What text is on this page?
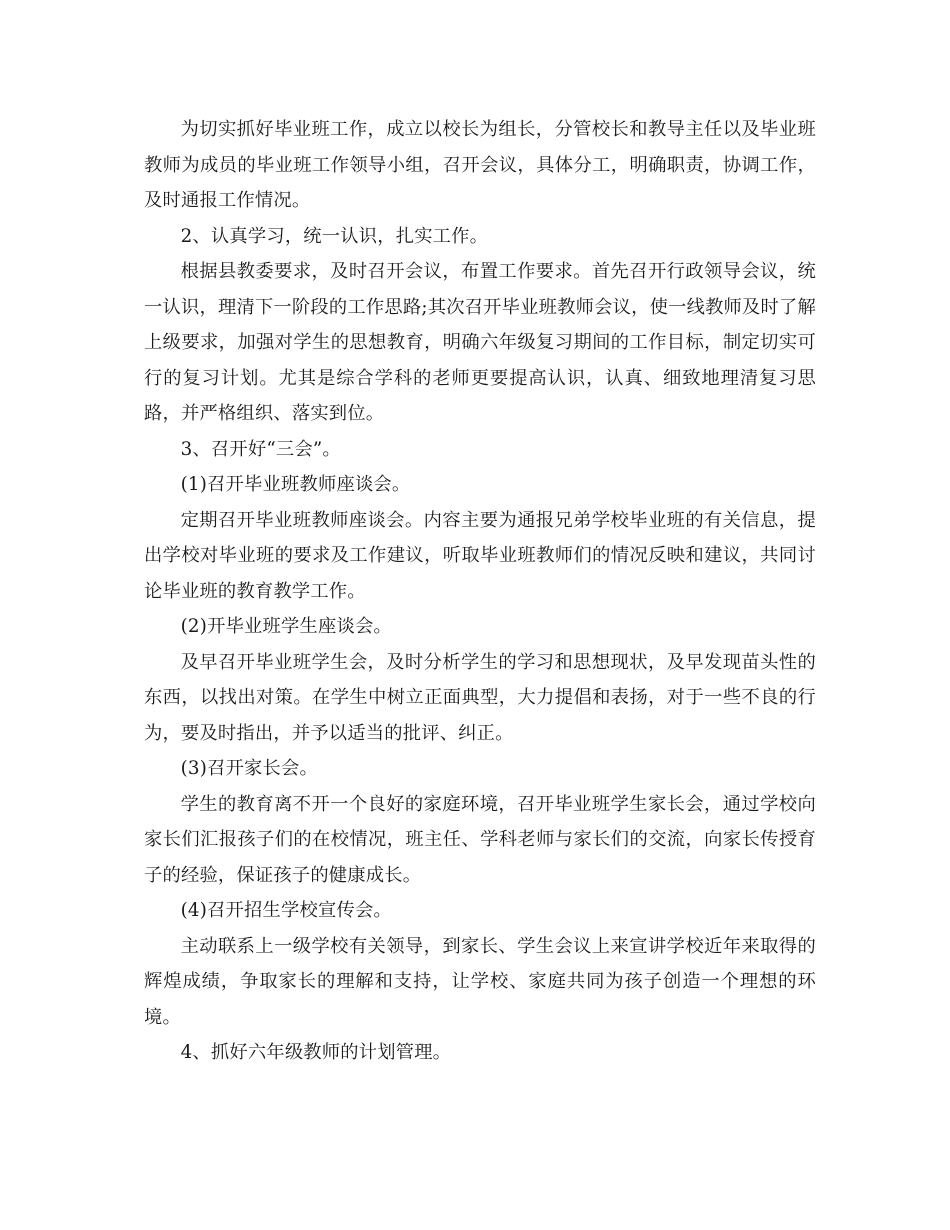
为切实抓好毕业班工作，成立以校长为组长，分管校长和教导主任以及毕业班教师为成员的毕业班工作领导小组，召开会议，具体分工，明确职责，协调工作，及时通报工作情况。

2、认真学习，统一认识，扎实工作。

根据县教委要求，及时召开会议，布置工作要求。首先召开行政领导会议，统一认识，理清下一阶段的工作思路;其次召开毕业班教师会议，使一线教师及时了解上级要求，加强对学生的思想教育，明确六年级复习期间的工作目标，制定切实可行的复习计划。尤其是综合学科的老师更要提高认识，认真、细致地理清复习思路，并严格组织、落实到位。

3、召开好“三会”。

(1)召开毕业班教师座谈会。

定期召开毕业班教师座谈会。内容主要为通报兄弟学校毕业班的有关信息，提出学校对毕业班的要求及工作建议，听取毕业班教师们的情况反映和建议，共同讨论毕业班的教育教学工作。

(2)开毕业班学生座谈会。

及早召开毕业班学生会，及时分析学生的学习和思想现状，及早发现苗头性的东西，以找出对策。在学生中树立正面典型，大力提倡和表扬，对于一些不良的行为，要及时指出，并予以适当的批评、纠正。

(3)召开家长会。

学生的教育离不开一个良好的家庭环境，召开毕业班学生家长会，通过学校向家长们汇报孩子们的在校情况，班主任、学科老师与家长们的交流，向家长传授育子的经验，保证孩子的健康成长。

(4)召开招生学校宣传会。

主动联系上一级学校有关领导，到家长、学生会议上来宣讲学校近年来取得的辉煌成绩，争取家长的理解和支持，让学校、家庭共同为孩子创造一个理想的环境。

4、抓好六年级教师的计划管理。
